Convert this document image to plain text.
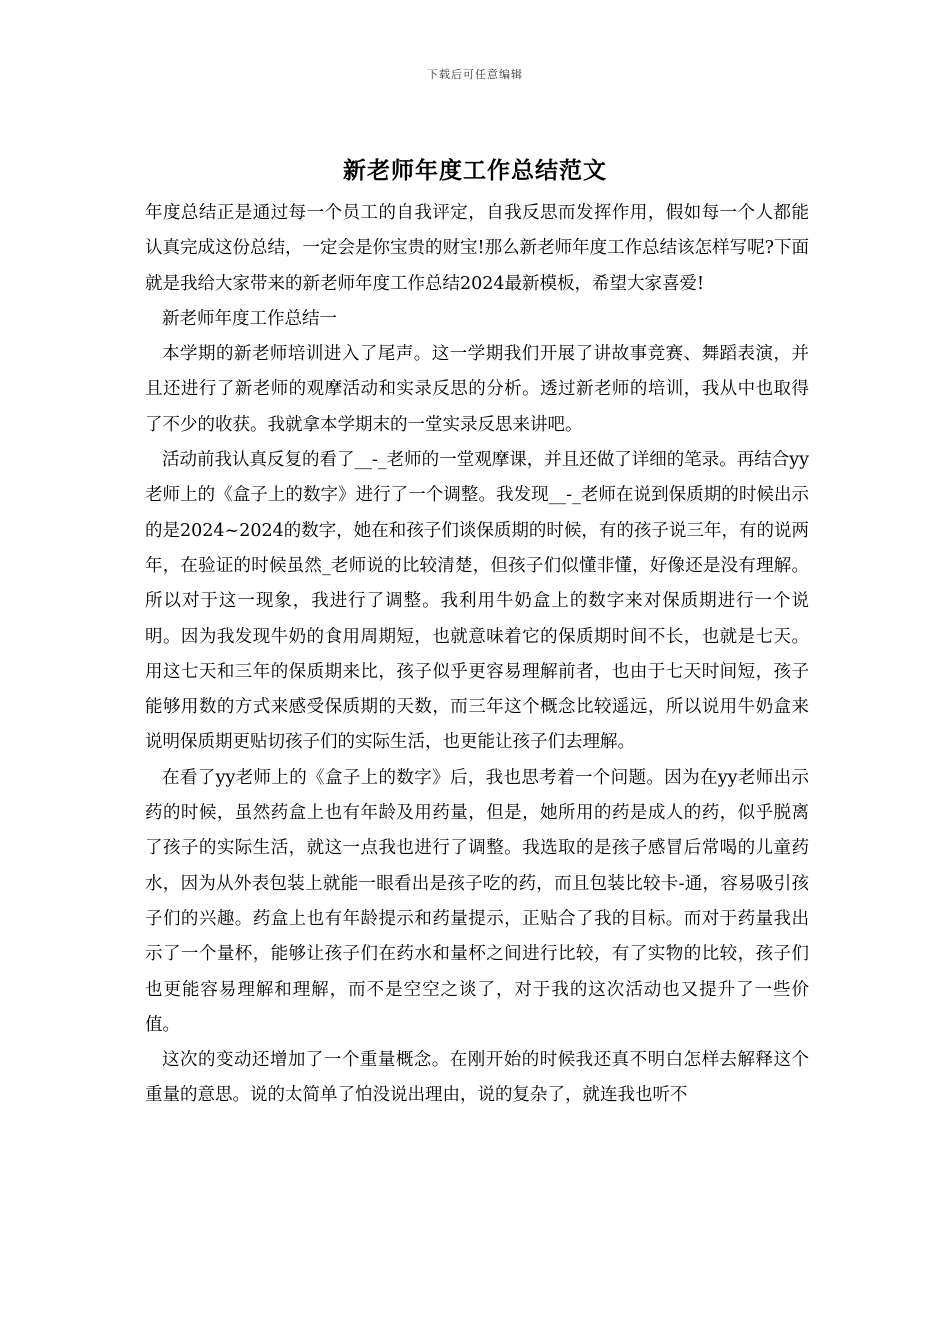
下载后可任意编辑
新老师年度工作总结范文

年度总结正是通过每一个员工的自我评定，自我反思而发挥作用，假如每一个人都能认真完成这份总结，一定会是你宝贵的财宝!那么新老师年度工作总结该怎样写呢?下面就是我给大家带来的新老师年度工作总结2024最新模板，希望大家喜爱!

新老师年度工作总结一

本学期的新老师培训进入了尾声。这一学期我们开展了讲故事竞赛、舞蹈表演，并且还进行了新老师的观摩活动和实录反思的分析。透过新老师的培训，我从中也取得了不少的收获。我就拿本学期末的一堂实录反思来讲吧。

活动前我认真反复的看了__-_老师的一堂观摩课，并且还做了详细的笔录。再结合yy老师上的《盒子上的数字》进行了一个调整。我发现__-_老师在说到保质期的时候出示的是2024~2024的数字，她在和孩子们谈保质期的时候，有的孩子说三年，有的说两年，在验证的时候虽然_老师说的比较清楚，但孩子们似懂非懂，好像还是没有理解。所以对于这一现象，我进行了调整。我利用牛奶盒上的数字来对保质期进行一个说明。因为我发现牛奶的食用周期短，也就意味着它的保质期时间不长，也就是七天。用这七天和三年的保质期来比，孩子似乎更容易理解前者，也由于七天时间短，孩子能够用数的方式来感受保质期的天数，而三年这个概念比较遥远，所以说用牛奶盒来说明保质期更贴切孩子们的实际生活，也更能让孩子们去理解。

在看了yy老师上的《盒子上的数字》后，我也思考着一个问题。因为在yy老师出示药的时候，虽然药盒上也有年龄及用药量，但是，她所用的药是成人的药，似乎脱离了孩子的实际生活，就这一点我也进行了调整。我选取的是孩子感冒后常喝的儿童药水，因为从外表包装上就能一眼看出是孩子吃的药，而且包装比较卡-通，容易吸引孩子们的兴趣。药盒上也有年龄提示和药量提示，正贴合了我的目标。而对于药量我出示了一个量杯，能够让孩子们在药水和量杯之间进行比较，有了实物的比较，孩子们也更能容易理解和理解，而不是空空之谈了，对于我的这次活动也又提升了一些价值。

这次的变动还增加了一个重量概念。在刚开始的时候我还真不明白怎样去解释这个重量的意思。说的太简单了怕没说出理由，说的复杂了，就连我也听不
